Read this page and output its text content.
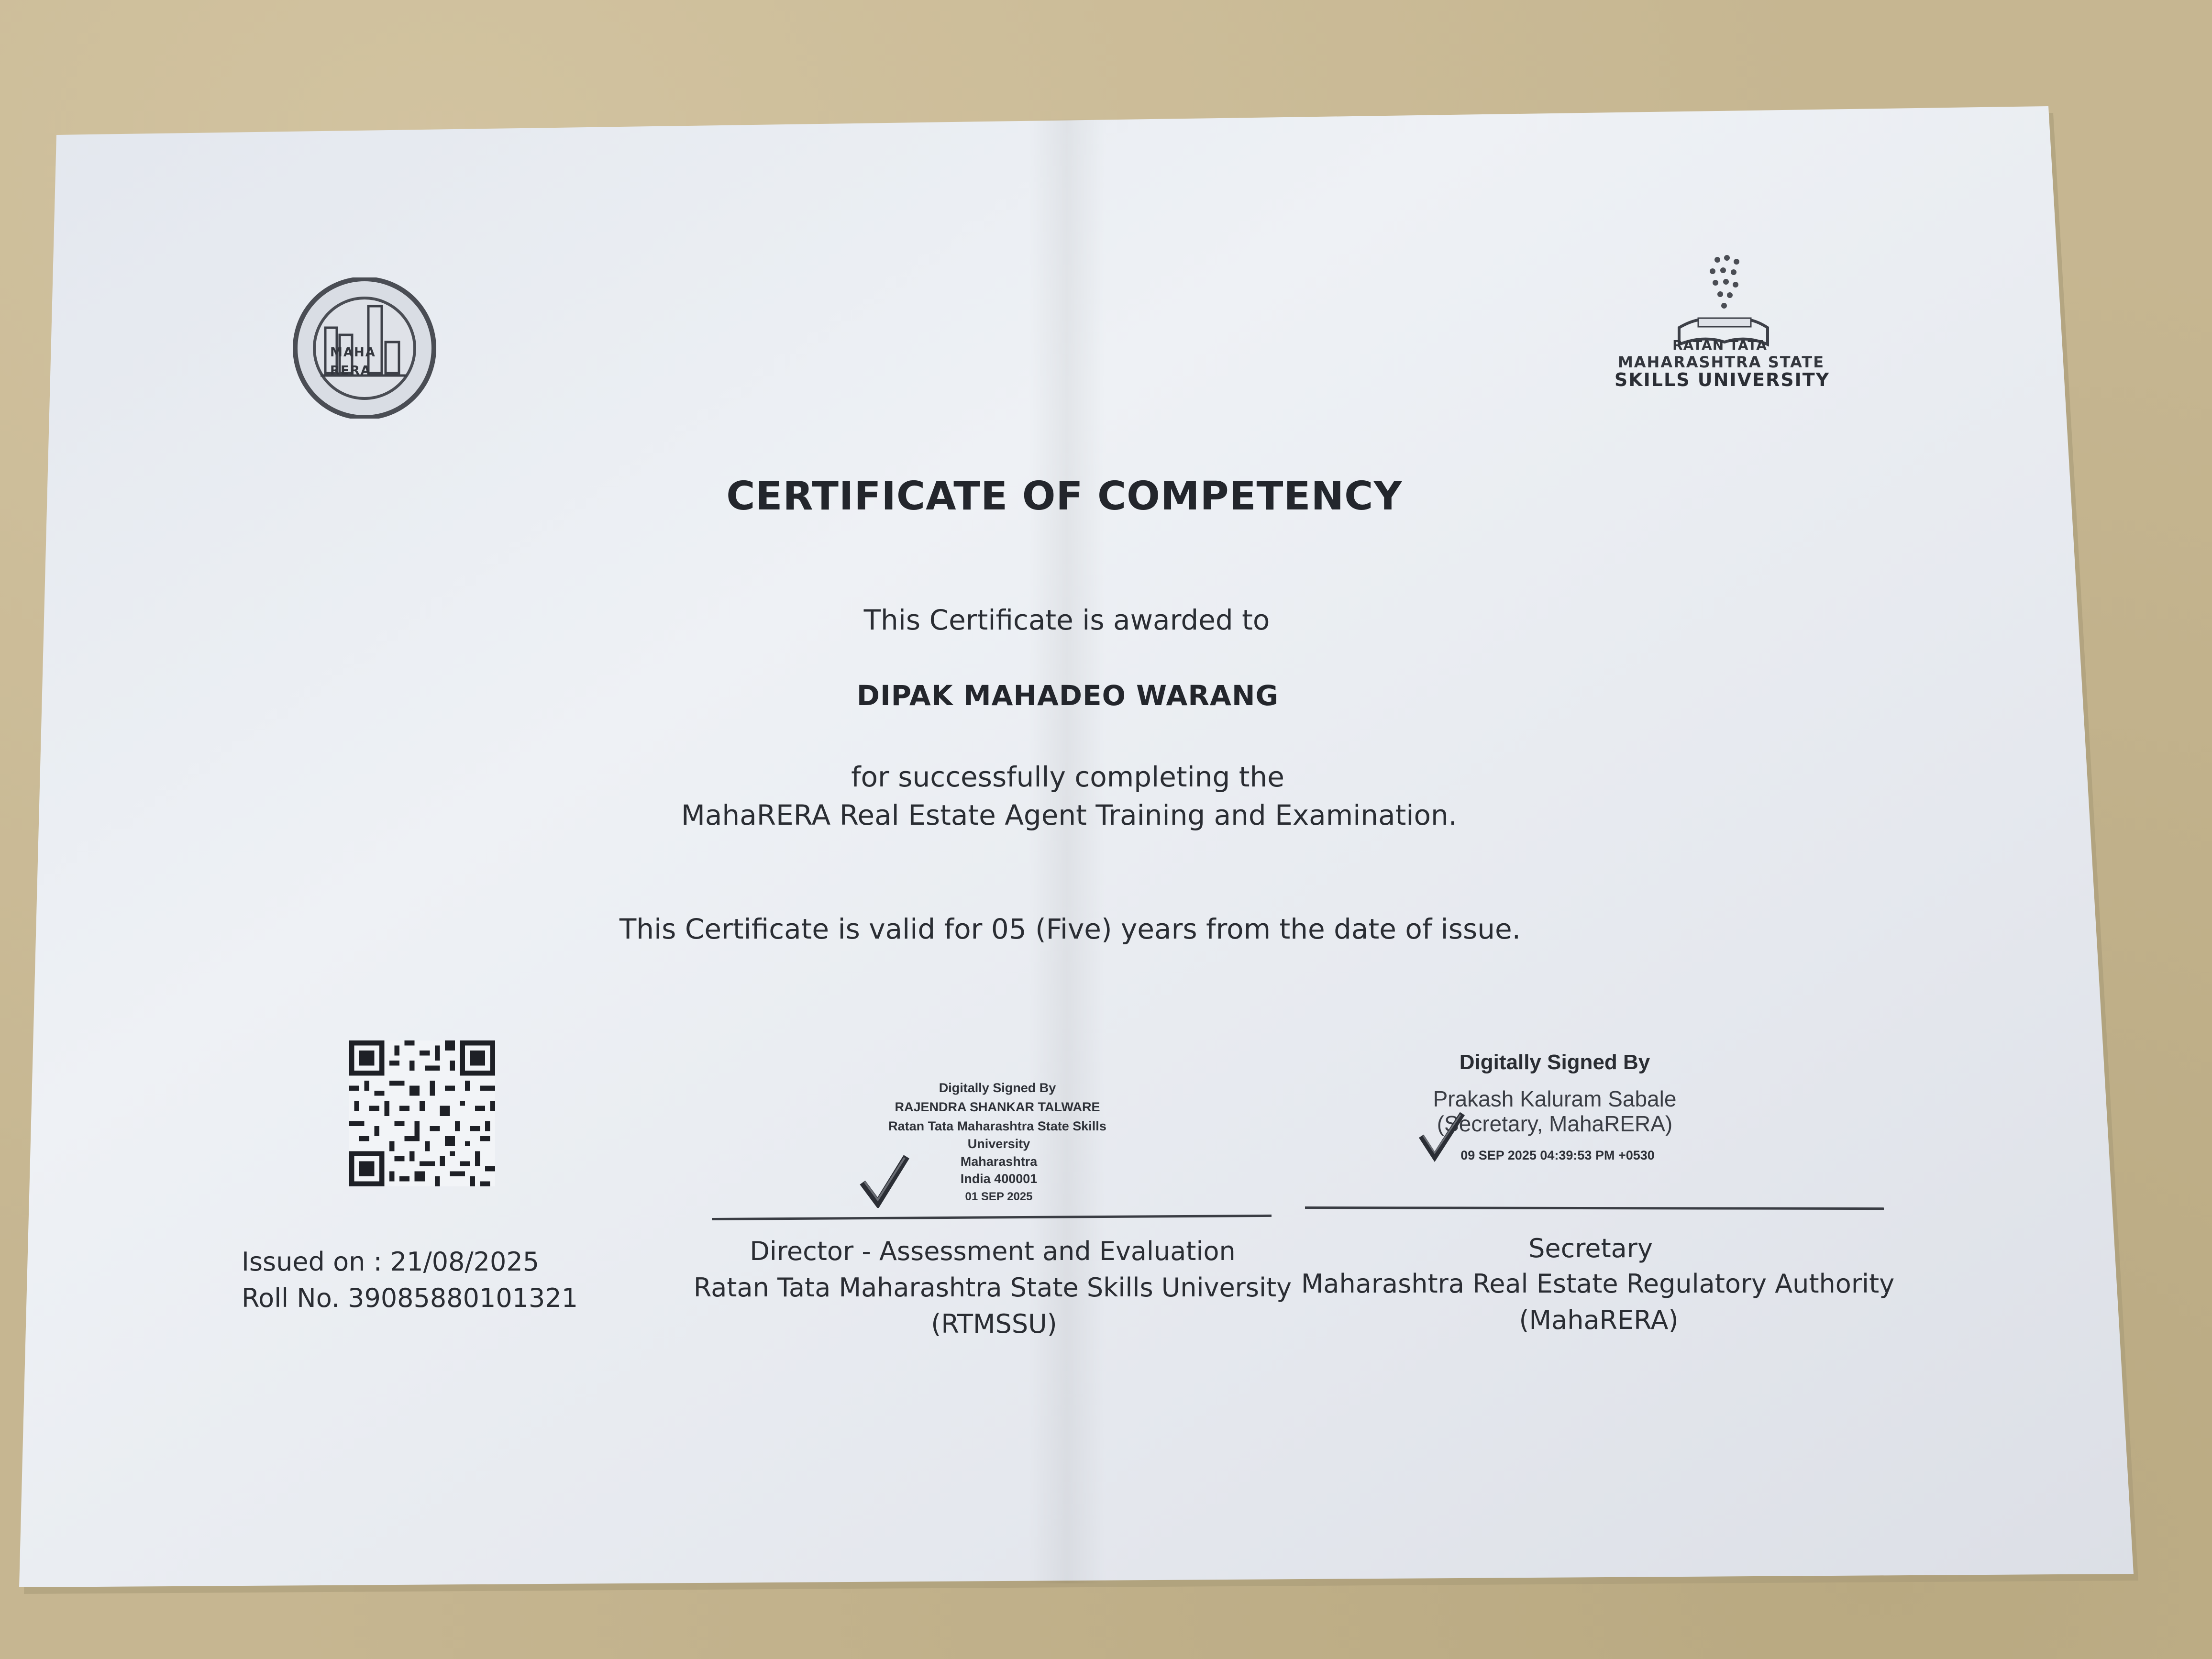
MAHA
RERA
RATAN TATA
MAHARASHTRA STATE
SKILLS UNIVERSITY
CERTIFICATE OF COMPETENCY
This Certificate is awarded to
DIPAK MAHADEO WARANG
for successfully completing the
MahaRERA Real Estate Agent Training and Examination.
This Certificate is valid for 05 (Five) years from the date of issue.
Issued on : 21/08/2025
Roll No. 39085880101321
Digitally Signed By
RAJENDRA SHANKAR TALWARE
Ratan Tata Maharashtra State Skills
University
Maharashtra
India 400001
01 SEP 2025
Director - Assessment and Evaluation
Ratan Tata Maharashtra State Skills University
(RTMSSU)
Digitally Signed By
Prakash Kaluram Sabale
(Secretary, MahaRERA)
09 SEP 2025 04:39:53 PM +0530
Secretary
Maharashtra Real Estate Regulatory Authority
(MahaRERA)
